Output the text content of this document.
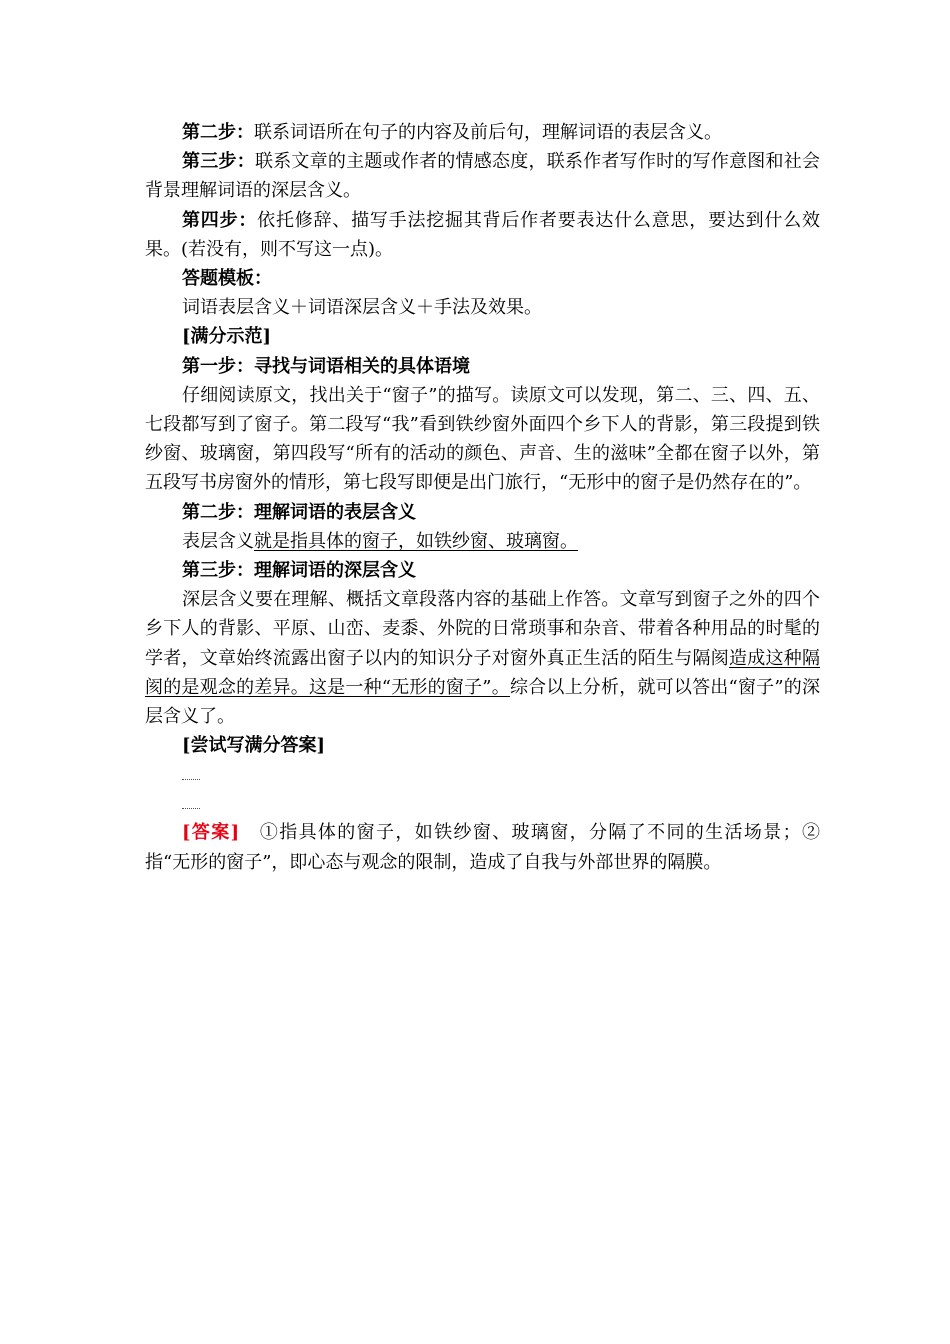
第二步：联系词语所在句子的内容及前后句，理解词语的表层含义。

第三步：联系文章的主题或作者的情感态度，联系作者写作时的写作意图和社会背景理解词语的深层含义。

第四步：依托修辞、描写手法挖掘其背后作者要表达什么意思，要达到什么效果。(若没有，则不写这一点)。

答题模板：

词语表层含义＋词语深层含义＋手法及效果。

[满分示范]

第一步：寻找与词语相关的具体语境

仔细阅读原文，找出关于“窗子”的描写。读原文可以发现，第二、三、四、五、七段都写到了窗子。第二段写“我”看到铁纱窗外面四个乡下人的背影，第三段提到铁纱窗、玻璃窗，第四段写“所有的活动的颜色、声音、生的滋味”全都在窗子以外，第五段写书房窗外的情形，第七段写即便是出门旅行，“无形中的窗子是仍然存在的”。

第二步：理解词语的表层含义

表层含义就是指具体的窗子，如铁纱窗、玻璃窗。

第三步：理解词语的深层含义

深层含义要在理解、概括文章段落内容的基础上作答。文章写到窗子之外的四个乡下人的背影、平原、山峦、麦黍、外院的日常琐事和杂音、带着各种用品的时髦的学者，文章始终流露出窗子以内的知识分子对窗外真正生活的陌生与隔阂造成这种隔阂的是观念的差异。这是一种“无形的窗子”。综合以上分析，就可以答出“窗子”的深层含义了。

[尝试写满分答案]

[答案]　①指具体的窗子，如铁纱窗、玻璃窗，分隔了不同的生活场景；②指“无形的窗子”，即心态与观念的限制，造成了自我与外部世界的隔膜。
